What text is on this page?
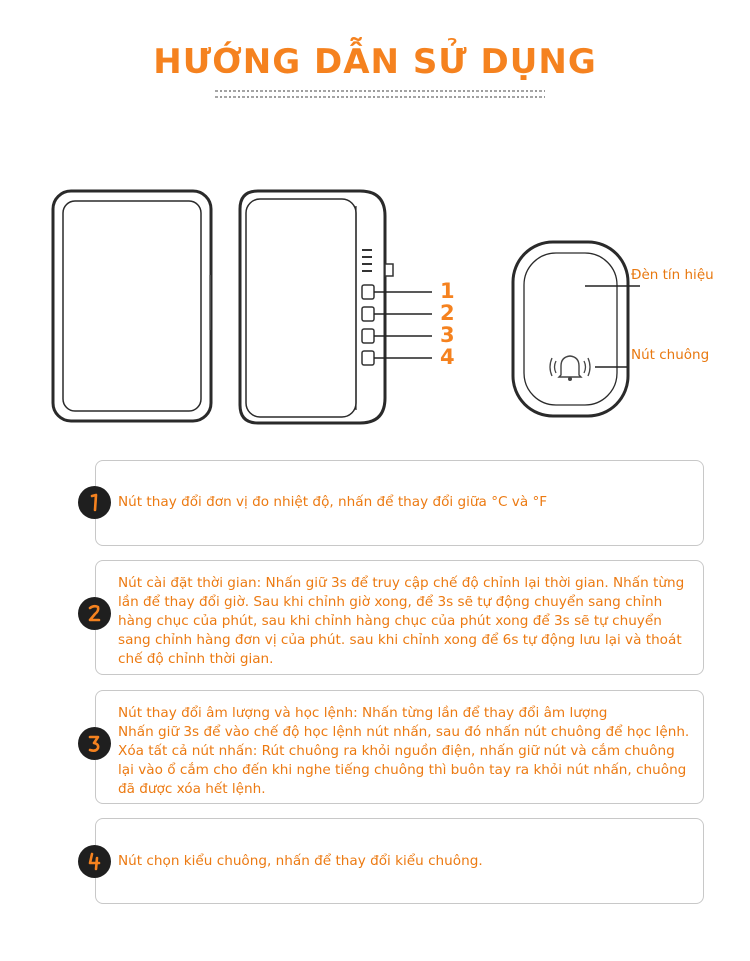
HƯỚNG DẪN SỬ DỤNG
1
2
3
4
Đèn tín hiệu
Nút chuông

Nút thay đổi đơn vị đo nhiệt độ, nhấn để thay đổi giữa °C và °F

Nút cài đặt thời gian: Nhấn giữ 3s để truy cập chế độ chỉnh lại thời gian. Nhấn từng

lần để thay đổi giờ. Sau khi chỉnh giờ xong, để 3s sẽ tự động chuyển sang chỉnh

hàng chục của phút, sau khi chỉnh hàng chục của phút xong để 3s sẽ tự chuyển

sang chỉnh hàng đơn vị của phút. sau khi chỉnh xong để 6s tự động lưu lại và thoát

chế độ chỉnh thời gian.

Nút thay đổi âm lượng và học lệnh: Nhấn từng lần để thay đổi âm lượng

Nhấn giữ 3s để vào chế độ học lệnh nút nhấn, sau đó nhấn nút chuông để học lệnh.

Xóa tất cả nút nhấn: Rút chuông ra khỏi nguồn điện, nhấn giữ nút và cắm chuông

lại vào ổ cắm cho đến khi nghe tiếng chuông thì buôn tay ra khỏi nút nhấn, chuông

đã được xóa hết lệnh.

Nút chọn kiểu chuông, nhấn để thay đổi kiểu chuông.
